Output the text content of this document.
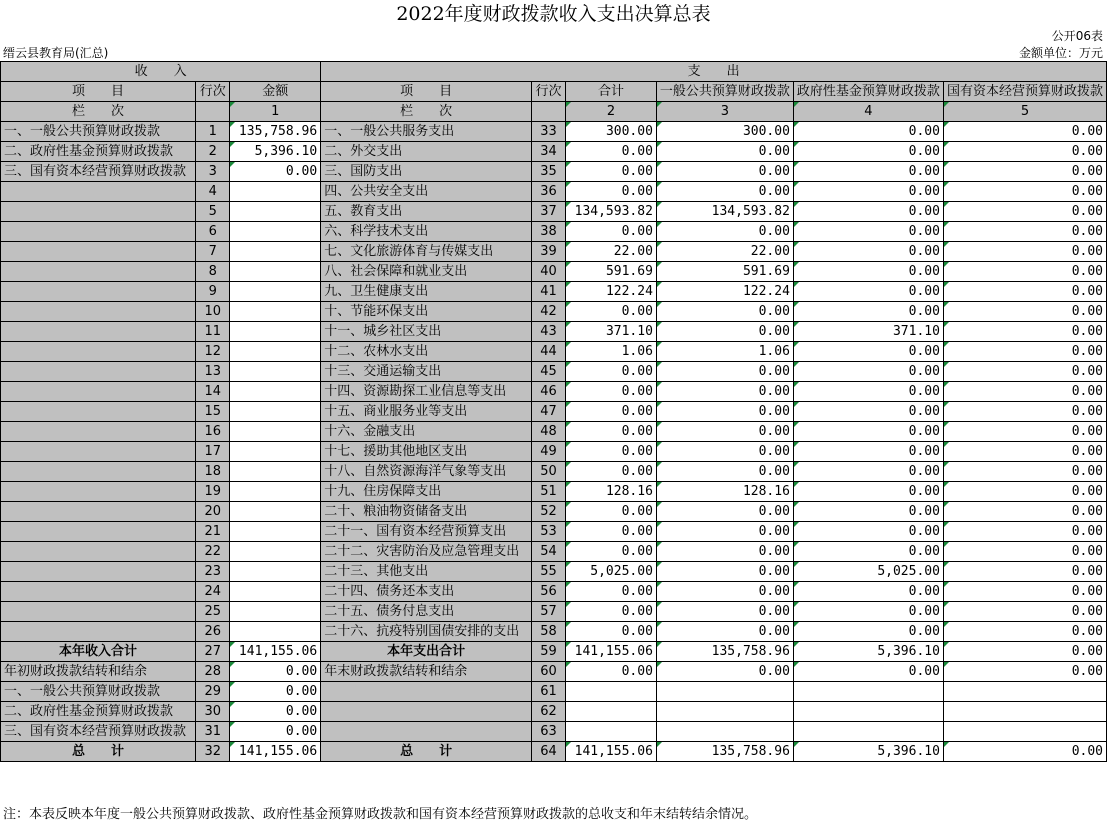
2022年度财政拨款收入支出决算总表
公开06表
缙云县教育局(汇总)	金额单位：万元
收　　入			支　　出					
项　　目	行次	金额	项　　目	行次	合计	一般公共预算财政拨款	政府性基金预算财政拨款	国有资本经营预算财政拨款
栏　　次		1	栏　　次		2	3	4	5
一、一般公共预算财政拨款	1	135,758.96	一、一般公共服务支出	33	300.00	300.00	0.00	0.00
二、政府性基金预算财政拨款	2	5,396.10	二、外交支出	34	0.00	0.00	0.00	0.00
三、国有资本经营预算财政拨款	3	0.00	三、国防支出	35	0.00	0.00	0.00	0.00
	4		四、公共安全支出	36	0.00	0.00	0.00	0.00
	5		五、教育支出	37	134,593.82	134,593.82	0.00	0.00
	6		六、科学技术支出	38	0.00	0.00	0.00	0.00
	7		七、文化旅游体育与传媒支出	39	22.00	22.00	0.00	0.00
	8		八、社会保障和就业支出	40	591.69	591.69	0.00	0.00
	9		九、卫生健康支出	41	122.24	122.24	0.00	0.00
	10		十、节能环保支出	42	0.00	0.00	0.00	0.00
	11		十一、城乡社区支出	43	371.10	0.00	371.10	0.00
	12		十二、农林水支出	44	1.06	1.06	0.00	0.00
	13		十三、交通运输支出	45	0.00	0.00	0.00	0.00
	14		十四、资源勘探工业信息等支出	46	0.00	0.00	0.00	0.00
	15		十五、商业服务业等支出	47	0.00	0.00	0.00	0.00
	16		十六、金融支出	48	0.00	0.00	0.00	0.00
	17		十七、援助其他地区支出	49	0.00	0.00	0.00	0.00
	18		十八、自然资源海洋气象等支出	50	0.00	0.00	0.00	0.00
	19		十九、住房保障支出	51	128.16	128.16	0.00	0.00
	20		二十、粮油物资储备支出	52	0.00	0.00	0.00	0.00
	21		二十一、国有资本经营预算支出	53	0.00	0.00	0.00	0.00
	22		二十二、灾害防治及应急管理支出	54	0.00	0.00	0.00	0.00
	23		二十三、其他支出	55	5,025.00	0.00	5,025.00	0.00
	24		二十四、债务还本支出	56	0.00	0.00	0.00	0.00
	25		二十五、债务付息支出	57	0.00	0.00	0.00	0.00
	26		二十六、抗疫特别国债安排的支出	58	0.00	0.00	0.00	0.00
本年收入合计	27	141,155.06	本年支出合计	59	141,155.06	135,758.96	5,396.10	0.00
年初财政拨款结转和结余	28	0.00	年末财政拨款结转和结余	60	0.00	0.00	0.00	0.00
一、一般公共预算财政拨款	29	0.00		61				
二、政府性基金预算财政拨款	30	0.00		62				
三、国有资本经营预算财政拨款	31	0.00		63				
总　　计	32	141,155.06	总　　计	64	141,155.06	135,758.96	5,396.10	0.00
注：本表反映本年度一般公共预算财政拨款、政府性基金预算财政拨款和国有资本经营预算财政拨款的总收支和年末结转结余情况。
